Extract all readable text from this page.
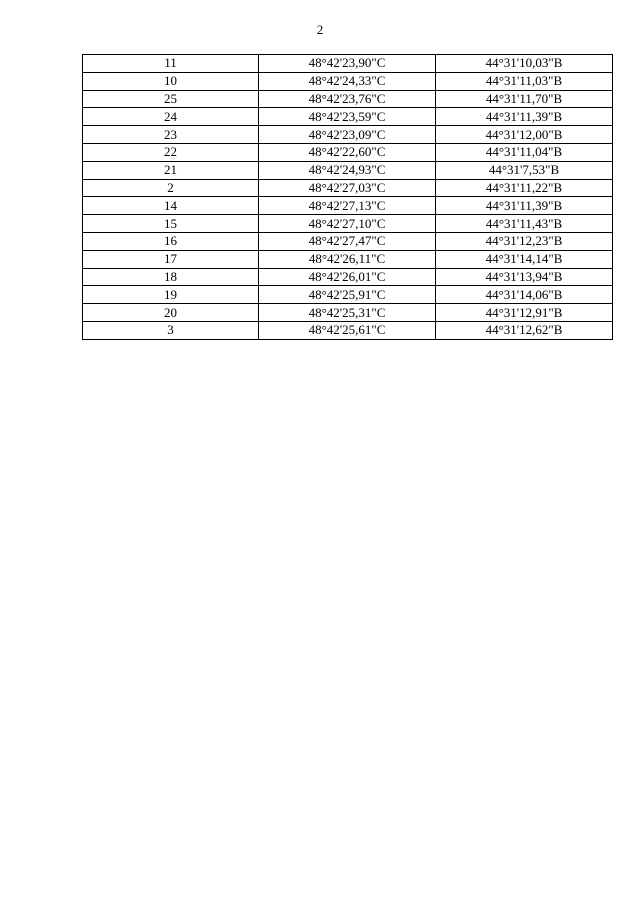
2
11	48°42'23,90"С	44°31'10,03"В
10	48°42'24,33"С	44°31'11,03"В
25	48°42'23,76"С	44°31'11,70"В
24	48°42'23,59"С	44°31'11,39"В
23	48°42'23,09"С	44°31'12,00"В
22	48°42'22,60"С	44°31'11,04"В
21	48°42'24,93"С	44°31'7,53"В
2	48°42'27,03"С	44°31'11,22"В
14	48°42'27,13"С	44°31'11,39"В
15	48°42'27,10"С	44°31'11,43"В
16	48°42'27,47"С	44°31'12,23"В
17	48°42'26,11"С	44°31'14,14"В
18	48°42'26,01"С	44°31'13,94"В
19	48°42'25,91"С	44°31'14,06"В
20	48°42'25,31"С	44°31'12,91"В
3	48°42'25,61"С	44°31'12,62"В
